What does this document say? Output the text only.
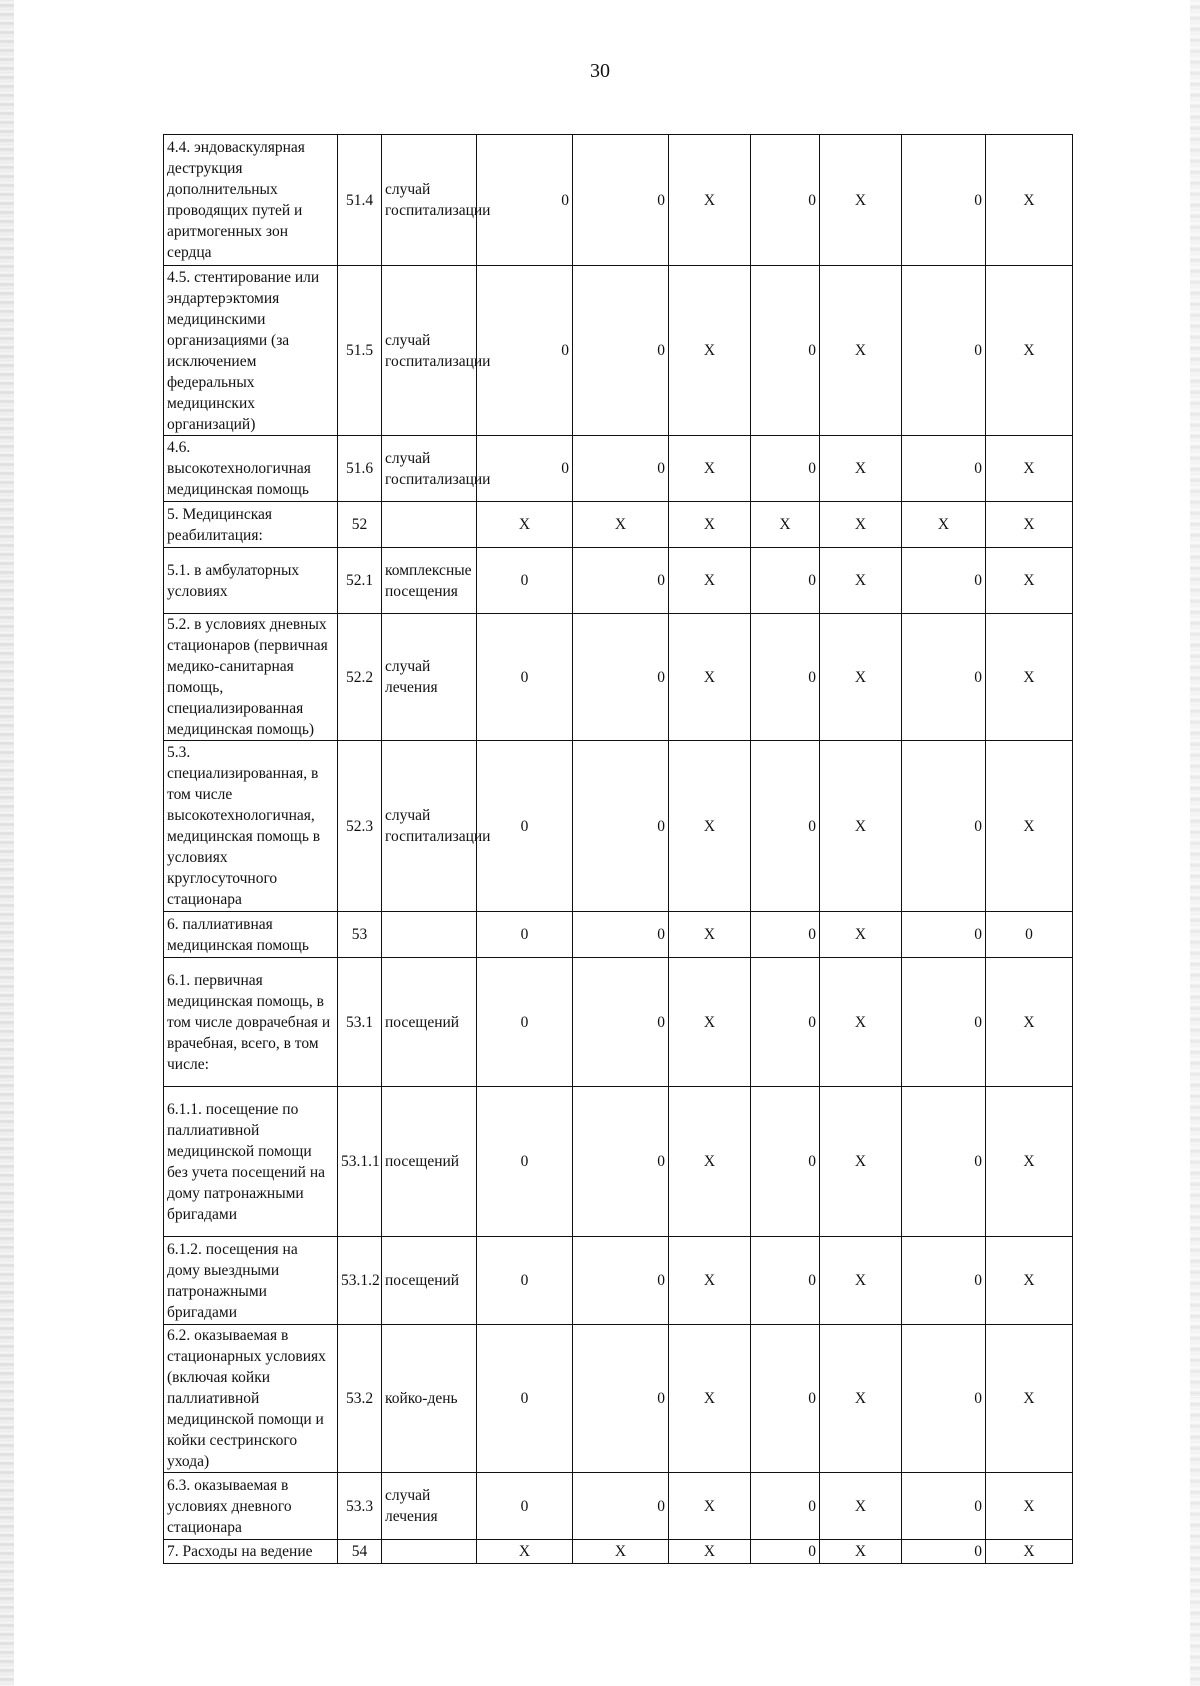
30
4.4. эндоваскулярная деструкция дополнительных проводящих путей и аритмогенных зон сердца	51.4	случай госпитализации	0	0	X	0	X	0	X
4.5. стентирование или эндартерэктомия медицинскими организациями (за исключением федеральных медицинских организаций)	51.5	случай госпитализации	0	0	X	0	X	0	X
4.6. высокотехнологичная медицинская помощь	51.6	случай госпитализации	0	0	X	0	X	0	X
5. Медицинская реабилитация:	52		X	X	X	X	X	X	X
5.1. в амбулаторных условиях	52.1	комплексные посещения	0	0	X	0	X	0	X
5.2. в условиях дневных стационаров (первичная медико-санитарная помощь, специализированная медицинская помощь)	52.2	случай лечения	0	0	X	0	X	0	X
5.3. специализированная, в том числе высокотехнологичная, медицинская помощь в условиях круглосуточного стационара	52.3	случай госпитализации	0	0	X	0	X	0	X
6. паллиативная медицинская помощь	53		0	0	X	0	X	0	0
6.1. первичная медицинская помощь, в том числе доврачебная и врачебная, всего, в том числе:	53.1	посещений	0	0	X	0	X	0	X
6.1.1. посещение по паллиативной медицинской помощи без учета посещений на дому патронажными бригадами	53.1.1	посещений	0	0	X	0	X	0	X
6.1.2. посещения на дому выездными патронажными бригадами	53.1.2	посещений	0	0	X	0	X	0	X
6.2. оказываемая в стационарных условиях (включая койки паллиативной медицинской помощи и койки сестринского ухода)	53.2	койко-день	0	0	X	0	X	0	X
6.3. оказываемая в условиях дневного стационара	53.3	случай лечения	0	0	X	0	X	0	X
7. Расходы на ведение	54		X	X	X	0	X	0	X
